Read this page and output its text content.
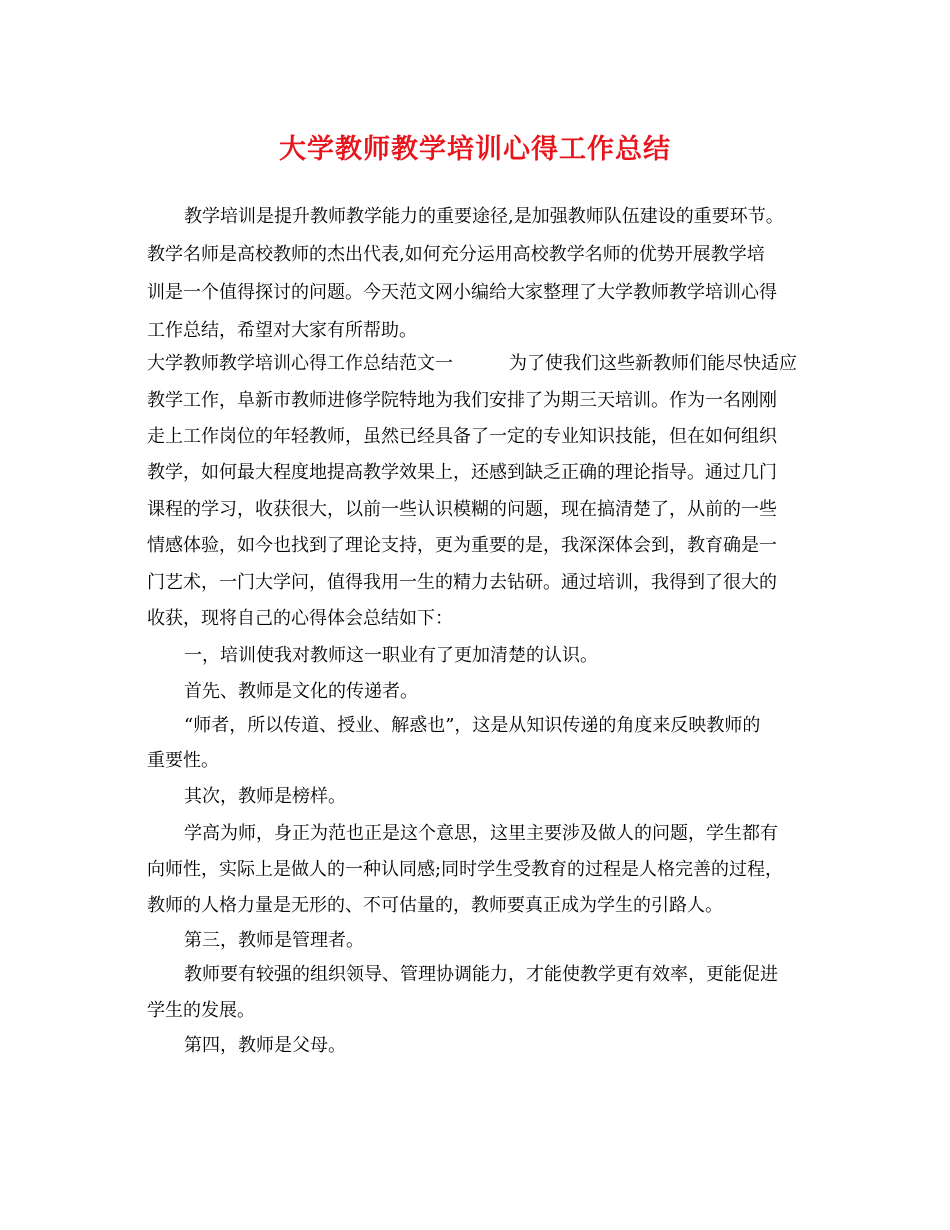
大学教师教学培训心得工作总结
教学培训是提升教师教学能力的重要途径,是加强教师队伍建设的重要环节。
教学名师是高校教师的杰出代表,如何充分运用高校教学名师的优势开展教学培
训是一个值得探讨的问题。今天范文网小编给大家整理了大学教师教学培训心得
工作总结，希望对大家有所帮助。
大学教师教学培训心得工作总结范文一	为了使我们这些新教师们能尽快适应
教学工作，阜新市教师进修学院特地为我们安排了为期三天培训。作为一名刚刚
走上工作岗位的年轻教师，虽然已经具备了一定的专业知识技能，但在如何组织
教学，如何最大程度地提高教学效果上，还感到缺乏正确的理论指导。通过几门
课程的学习，收获很大，以前一些认识模糊的问题，现在搞清楚了，从前的一些
情感体验，如今也找到了理论支持，更为重要的是，我深深体会到，教育确是一
门艺术，一门大学问，值得我用一生的精力去钻研。通过培训，我得到了很大的
收获，现将自己的心得体会总结如下：
一，培训使我对教师这一职业有了更加清楚的认识。
首先、教师是文化的传递者。
“师者，所以传道、授业、解惑也”，这是从知识传递的角度来反映教师的
重要性。
其次，教师是榜样。
学高为师，身正为范也正是这个意思，这里主要涉及做人的问题，学生都有
向师性，实际上是做人的一种认同感;同时学生受教育的过程是人格完善的过程，
教师的人格力量是无形的、不可估量的，教师要真正成为学生的引路人。
第三，教师是管理者。
教师要有较强的组织领导、管理协调能力，才能使教学更有效率，更能促进
学生的发展。
第四，教师是父母。
